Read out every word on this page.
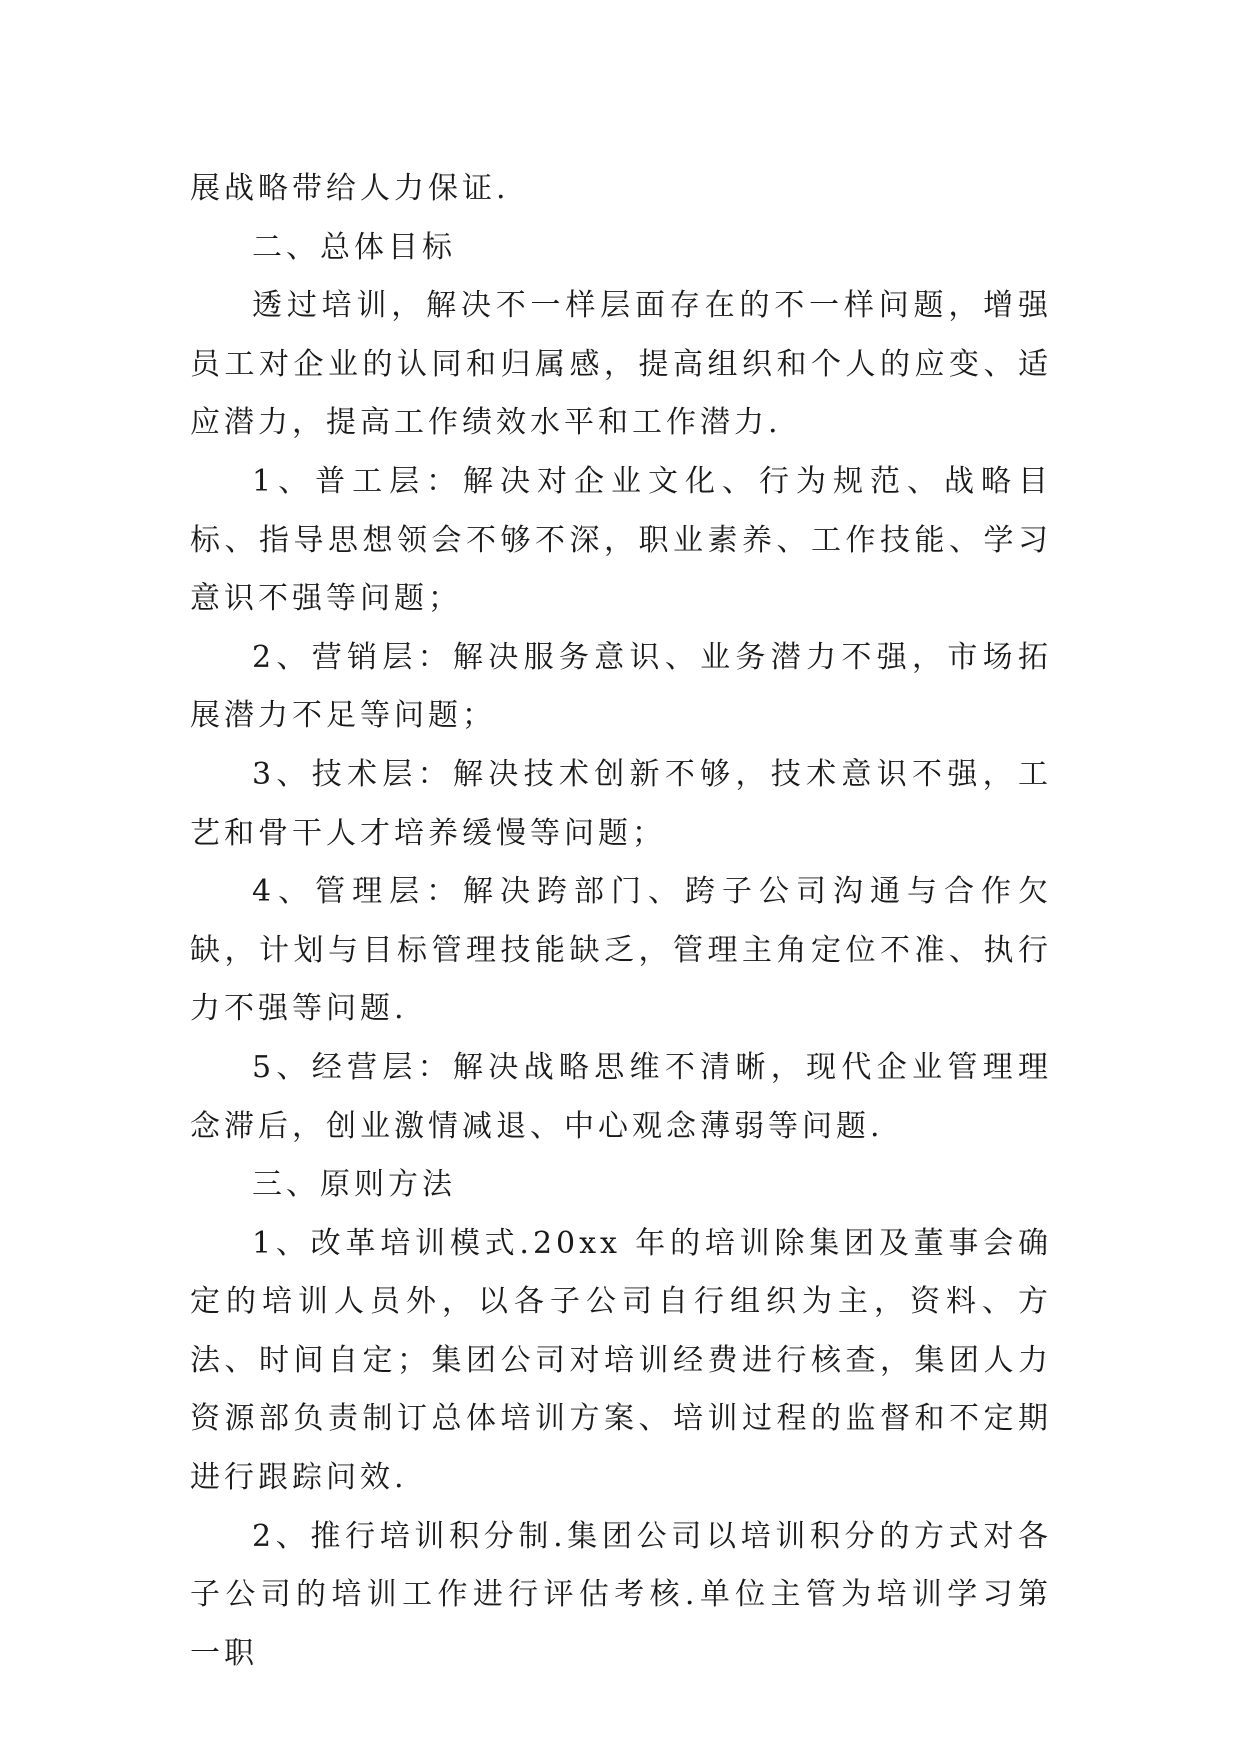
展战略带给人力保证.

二、总体目标

透过培训，解决不一样层面存在的不一样问题，增强员工对企业的认同和归属感，提高组织和个人的应变、适应潜力，提高工作绩效水平和工作潜力.

1、普工层：解决对企业文化、行为规范、战略目标、指导思想领会不够不深，职业素养、工作技能、学习意识不强等问题；

2、营销层：解决服务意识、业务潜力不强，市场拓展潜力不足等问题；

3、技术层：解决技术创新不够，技术意识不强，工艺和骨干人才培养缓慢等问题；

4、管理层：解决跨部门、跨子公司沟通与合作欠缺，计划与目标管理技能缺乏，管理主角定位不准、执行力不强等问题.

5、经营层：解决战略思维不清晰，现代企业管理理念滞后，创业激情减退、中心观念薄弱等问题.

三、原则方法

1、改革培训模式.20xx 年的培训除集团及董事会确定的培训人员外，以各子公司自行组织为主，资料、方法、时间自定；集团公司对培训经费进行核查，集团人力资源部负责制订总体培训方案、培训过程的监督和不定期进行跟踪问效.

2、推行培训积分制.集团公司以培训积分的方式对各子公司的培训工作进行评估考核.单位主管为培训学习第一职
